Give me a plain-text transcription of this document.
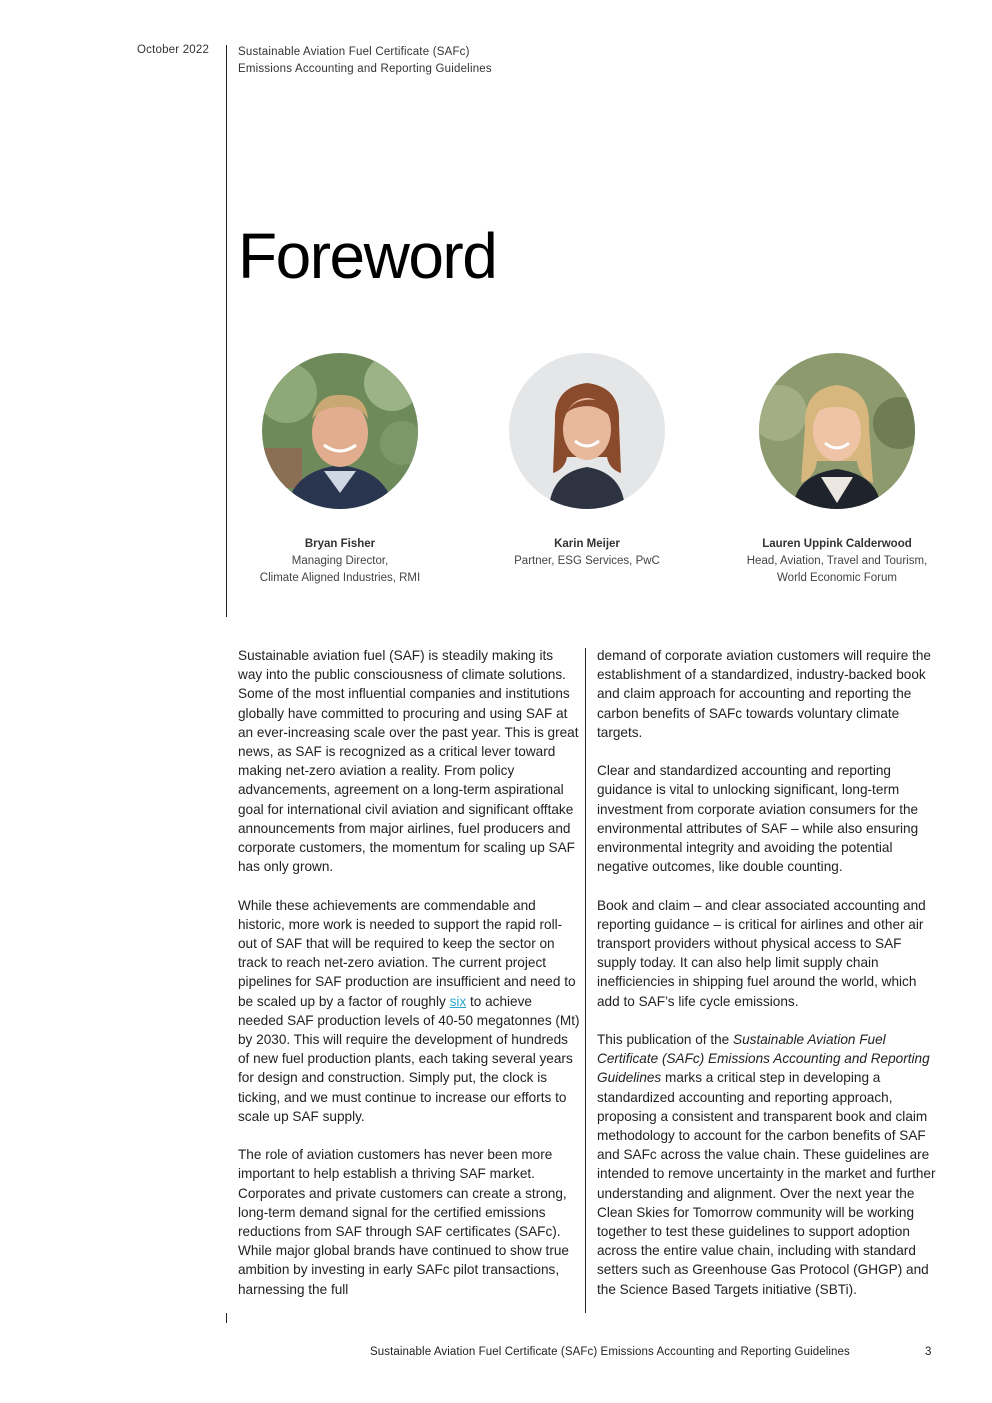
October 2022	Sustainable Aviation Fuel Certificate (SAFc)
Emissions Accounting and Reporting Guidelines
Foreword
Bryan Fisher
Managing Director,
Climate Aligned Industries, RMI
Karin Meijer
Partner, ESG Services, PwC
Lauren Uppink Calderwood
Head, Aviation, Travel and Tourism,
World Economic Forum

Sustainable aviation fuel (SAF) is steadily making its way into the public consciousness of climate solutions. Some of the most influential companies and institutions globally have committed to procuring and using SAF at an ever-increasing scale over the past year. This is great news, as SAF is recognized as a critical lever toward making net-zero aviation a reality. From policy advancements, agreement on a long-term aspirational goal for international civil aviation and significant offtake announcements from major airlines, fuel producers and corporate customers, the momentum for scaling up SAF has only grown.

While these achievements are commendable and historic, more work is needed to support the rapid roll-out of SAF that will be required to keep the sector on track to reach net-zero aviation. The current project pipelines for SAF production are insufficient and need to be scaled up by a factor of roughly six to achieve needed SAF production levels of 40-50 megatonnes (Mt) by 2030. This will require the development of hundreds of new fuel production plants, each taking several years for design and construction. Simply put, the clock is ticking, and we must continue to increase our efforts to scale up SAF supply.

The role of aviation customers has never been more important to help establish a thriving SAF market. Corporates and private customers can create a strong, long-term demand signal for the certified emissions reductions from SAF through SAF certificates (SAFc). While major global brands have continued to show true ambition by investing in early SAFc pilot transactions, harnessing the full

demand of corporate aviation customers will require the establishment of a standardized, industry-backed book and claim approach for accounting and reporting the carbon benefits of SAFc towards voluntary climate targets.

Clear and standardized accounting and reporting guidance is vital to unlocking significant, long-term investment from corporate aviation consumers for the environmental attributes of SAF – while also ensuring environmental integrity and avoiding the potential negative outcomes, like double counting.

Book and claim – and clear associated accounting and reporting guidance – is critical for airlines and other air transport providers without physical access to SAF supply today. It can also help limit supply chain inefficiencies in shipping fuel around the world, which add to SAF’s life cycle emissions.

This publication of the Sustainable Aviation Fuel Certificate (SAFc) Emissions Accounting and Reporting Guidelines marks a critical step in developing a standardized accounting and reporting approach, proposing a consistent and transparent book and claim methodology to account for the carbon benefits of SAF and SAFc across the value chain. These guidelines are intended to remove uncertainty in the market and further understanding and alignment. Over the next year the Clean Skies for Tomorrow community will be working together to test these guidelines to support adoption across the entire value chain, including with standard setters such as Greenhouse Gas Protocol (GHGP) and the Science Based Targets initiative (SBTi).

Sustainable Aviation Fuel Certificate (SAFc) Emissions Accounting and Reporting Guidelines	3
